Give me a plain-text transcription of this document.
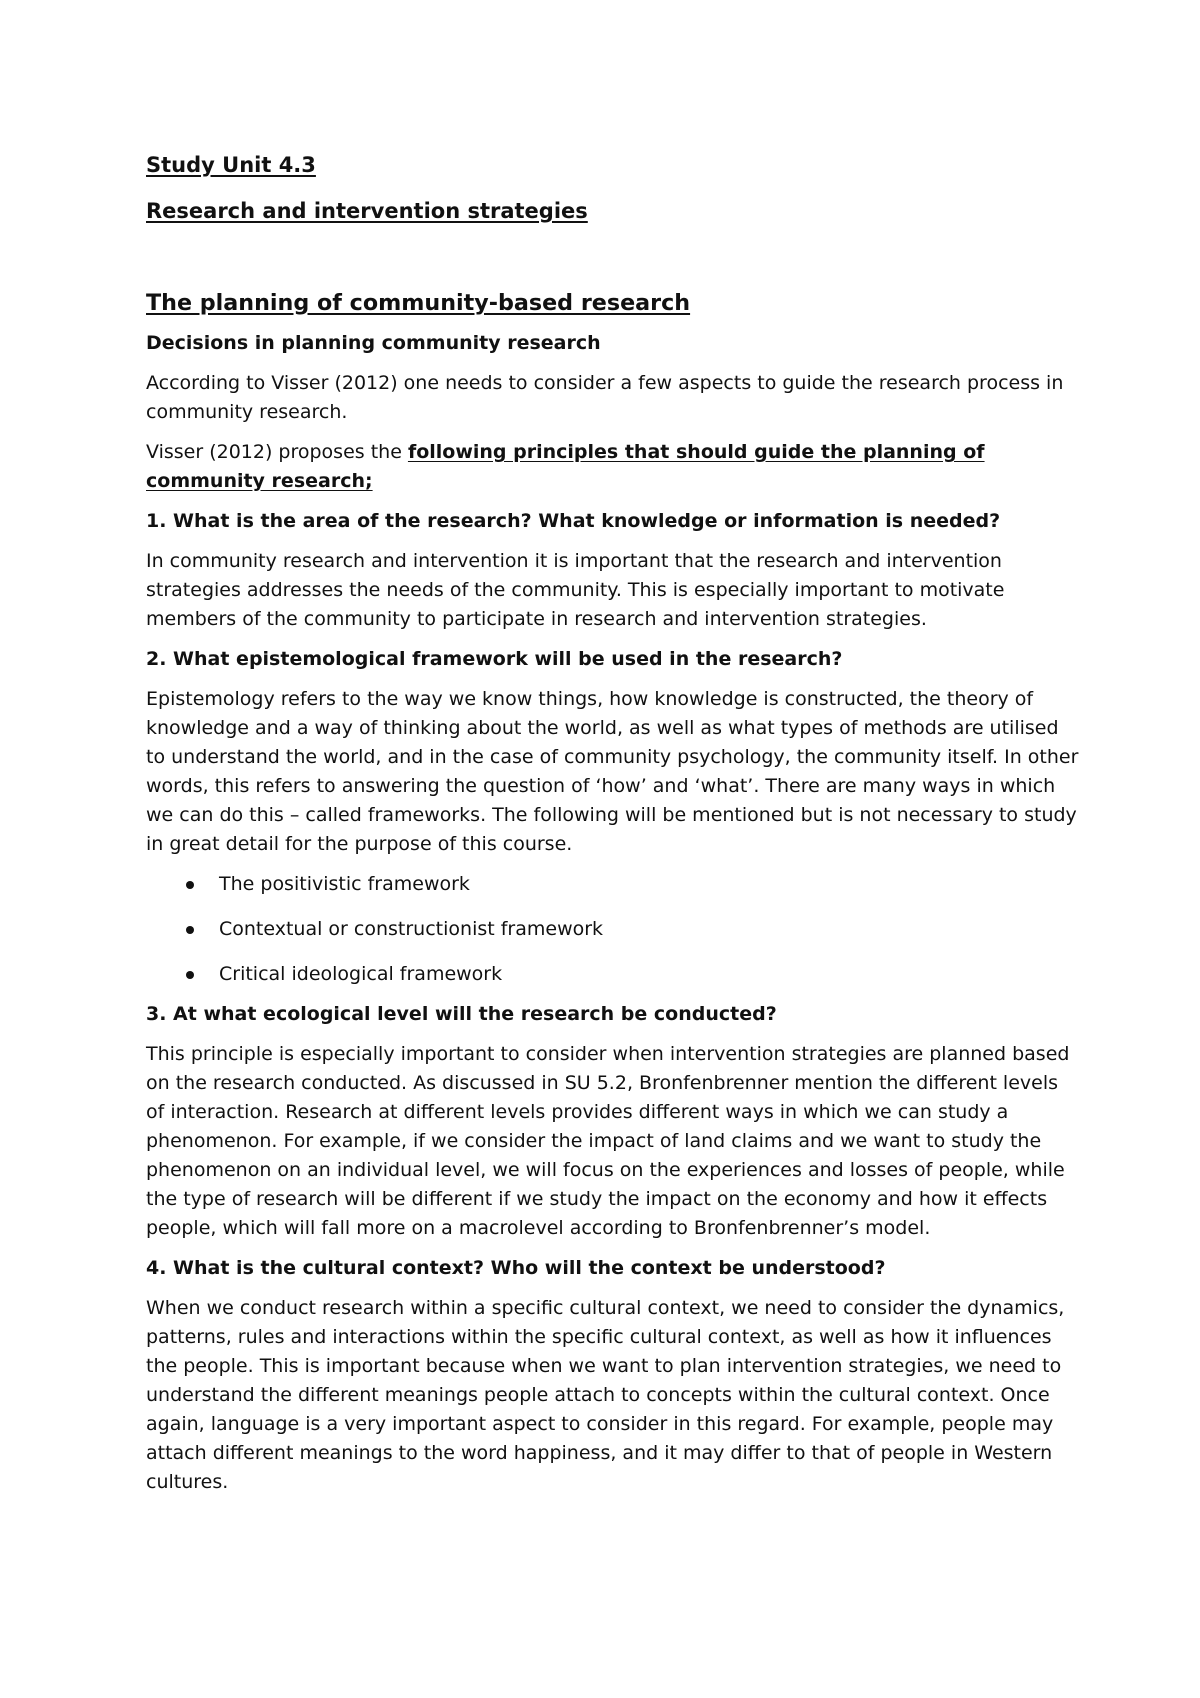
Study Unit 4.3
Research and intervention strategies
The planning of community-based research
Decisions in planning community research

According to Visser (2012) one needs to consider a few aspects to guide the research process in community research.

Visser (2012) proposes the following principles that should guide the planning of community research;

1. What is the area of the research? What knowledge or information is needed?

In community research and intervention it is important that the research and intervention strategies addresses the needs of the community. This is especially important to motivate members of the community to participate in research and intervention strategies.

2. What epistemological framework will be used in the research?

Epistemology refers to the way we know things, how knowledge is constructed, the theory of knowledge and a way of thinking about the world, as well as what types of methods are utilised to understand the world, and in the case of community psychology, the community itself. In other words, this refers to answering the question of ‘how’ and ‘what’. There are many ways in which we can do this – called frameworks. The following will be mentioned but is not necessary to study in great detail for the purpose of this course.

The positivistic framework
Contextual or constructionist framework
Critical ideological framework

3. At what ecological level will the research be conducted?

This principle is especially important to consider when intervention strategies are planned based on the research conducted. As discussed in SU 5.2, Bronfenbrenner mention the different levels of interaction. Research at different levels provides different ways in which we can study a phenomenon. For example, if we consider the impact of land claims and we want to study the phenomenon on an individual level, we will focus on the experiences and losses of people, while the type of research will be different if we study the impact on the economy and how it effects people, which will fall more on a macrolevel according to Bronfenbrenner’s model.

4. What is the cultural context? Who will the context be understood?

When we conduct research within a specific cultural context, we need to consider the dynamics, patterns, rules and interactions within the specific cultural context, as well as how it influences the people. This is important because when we want to plan intervention strategies, we need to understand the different meanings people attach to concepts within the cultural context. Once again, language is a very important aspect to consider in this regard. For example, people may attach different meanings to the word happiness, and it may differ to that of people in Western cultures.
